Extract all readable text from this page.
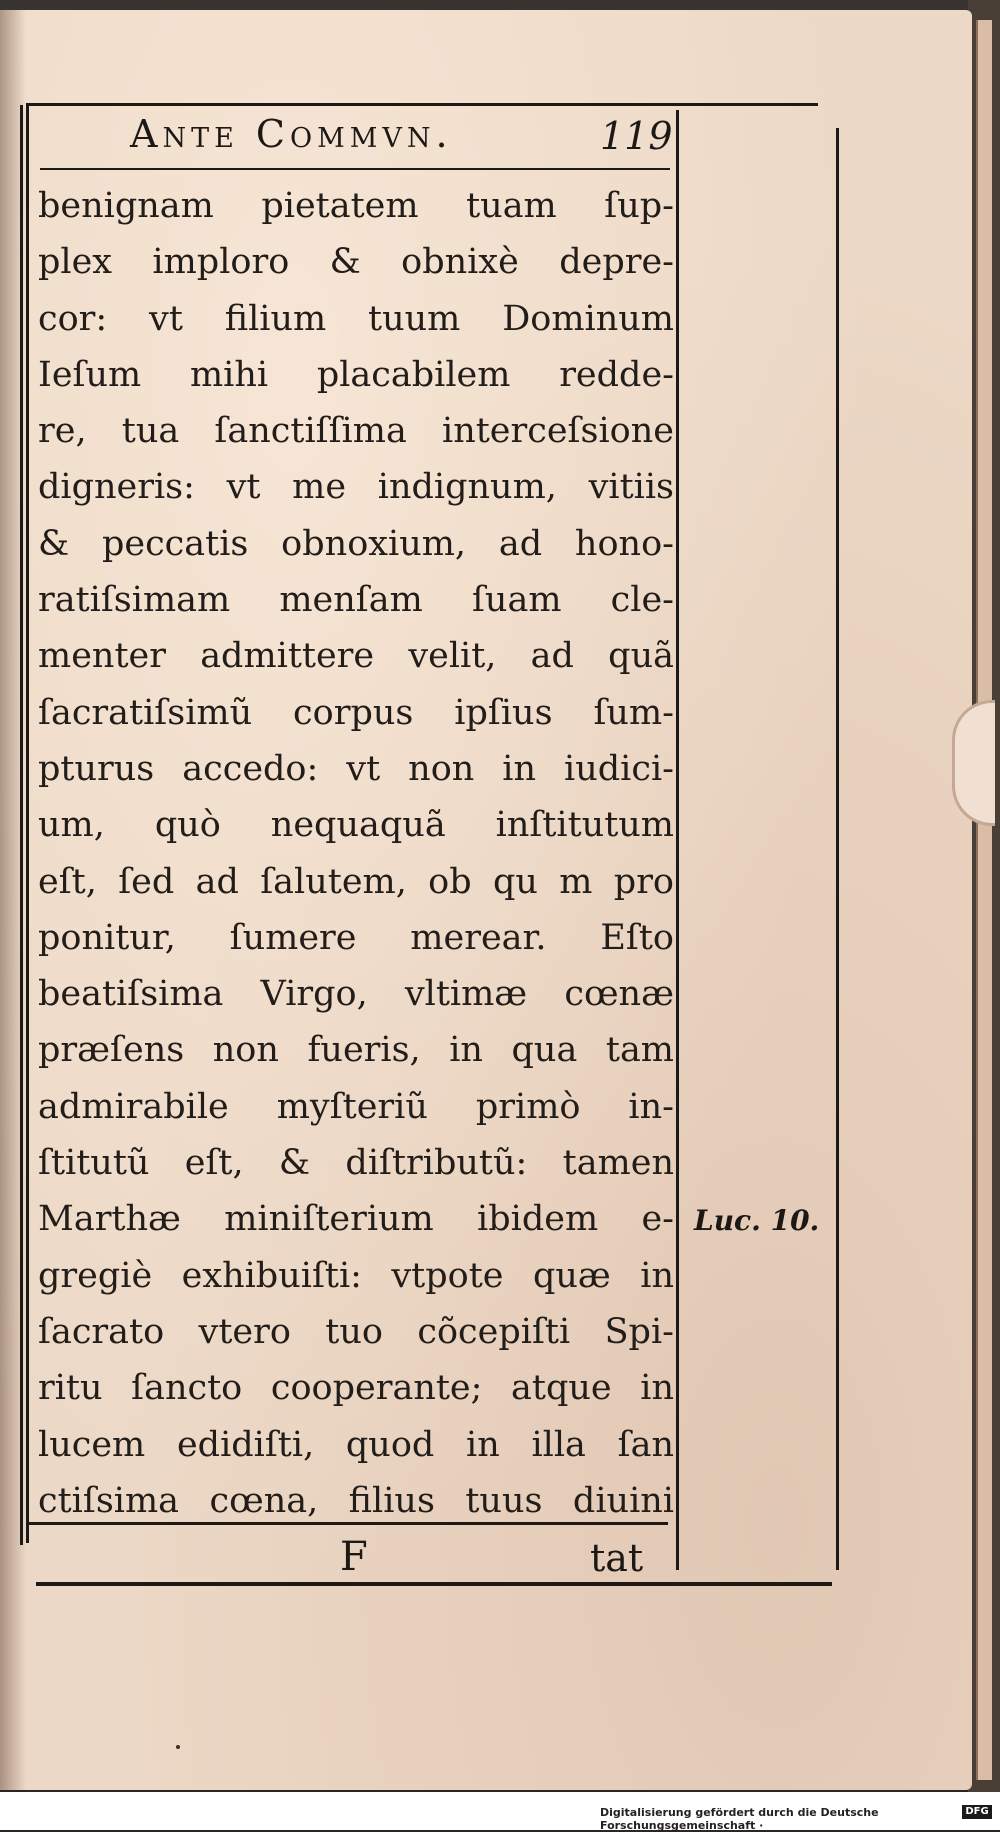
Ante Commvn.	119
benignam pietatem tuam ſup-
plex imploro & obnixè depre-
cor: vt filium tuum Dominum
Ieſum mihi placabilem redde-
re, tua ſanctiſſima interceſsione
digneris: vt me indignum, vitiis
& peccatis obnoxium, ad hono-
ratiſsimam menſam ſuam cle-
menter admittere velit, ad quã
ſacratiſsimũ corpus ipſius ſum-
pturus accedo: vt non in iudici-
um, quò nequaquã inſtitutum
eſt, ſed ad ſalutem, ob qu m pro
ponitur, ſumere merear. Eſto
beatiſsima Virgo, vltimæ cœnæ
præſens non fueris, in qua tam
admirabile myſteriũ primò in-
ſtitutũ eſt, & diſtributũ: tamen
Marthæ miniſterium ibidem e-
gregiè exhibuiſti: vtpote quæ in
ſacrato vtero tuo cõcepiſti Spi-
ritu ſancto cooperante; atque in
lucem edidiſti, quod in illa ſan
ctiſsima cœna, filius tuus diuini
Luc. 10.
F	tat
Digitalisierung gefördert durch die Deutsche Forschungsgemeinschaft ·
DFG
